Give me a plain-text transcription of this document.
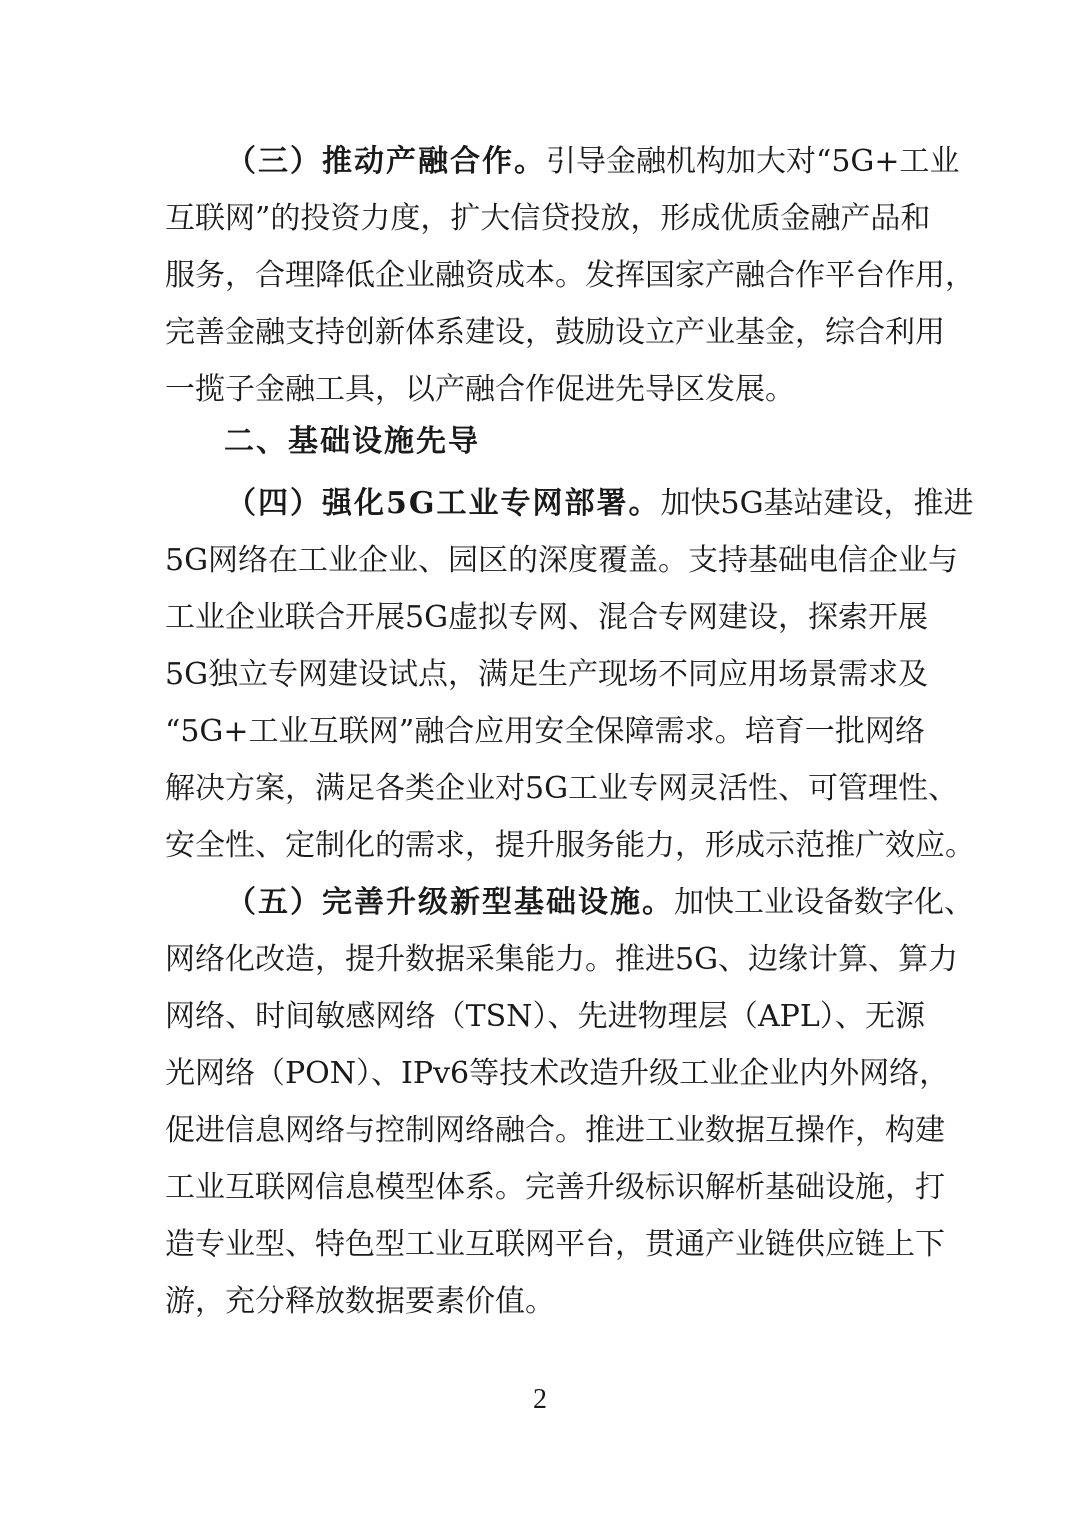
（三）推动产融合作。引导金融机构加大对“5G+工业
互联网”的投资力度，扩大信贷投放，形成优质金融产品和
服务，合理降低企业融资成本。发挥国家产融合作平台作用，
完善金融支持创新体系建设，鼓励设立产业基金，综合利用
一揽子金融工具，以产融合作促进先导区发展。
二、基础设施先导
（四）强化5G工业专网部署。加快5G基站建设，推进
5G网络在工业企业、园区的深度覆盖。支持基础电信企业与
工业企业联合开展5G虚拟专网、混合专网建设，探索开展
5G独立专网建设试点，满足生产现场不同应用场景需求及
“5G+工业互联网”融合应用安全保障需求。培育一批网络
解决方案，满足各类企业对5G工业专网灵活性、可管理性、
安全性、定制化的需求，提升服务能力，形成示范推广效应。
（五）完善升级新型基础设施。加快工业设备数字化、
网络化改造，提升数据采集能力。推进5G、边缘计算、算力
网络、时间敏感网络（TSN）、先进物理层（APL）、无源
光网络（PON）、IPv6等技术改造升级工业企业内外网络，
促进信息网络与控制网络融合。推进工业数据互操作，构建
工业互联网信息模型体系。完善升级标识解析基础设施，打
造专业型、特色型工业互联网平台，贯通产业链供应链上下
游，充分释放数据要素价值。
2
